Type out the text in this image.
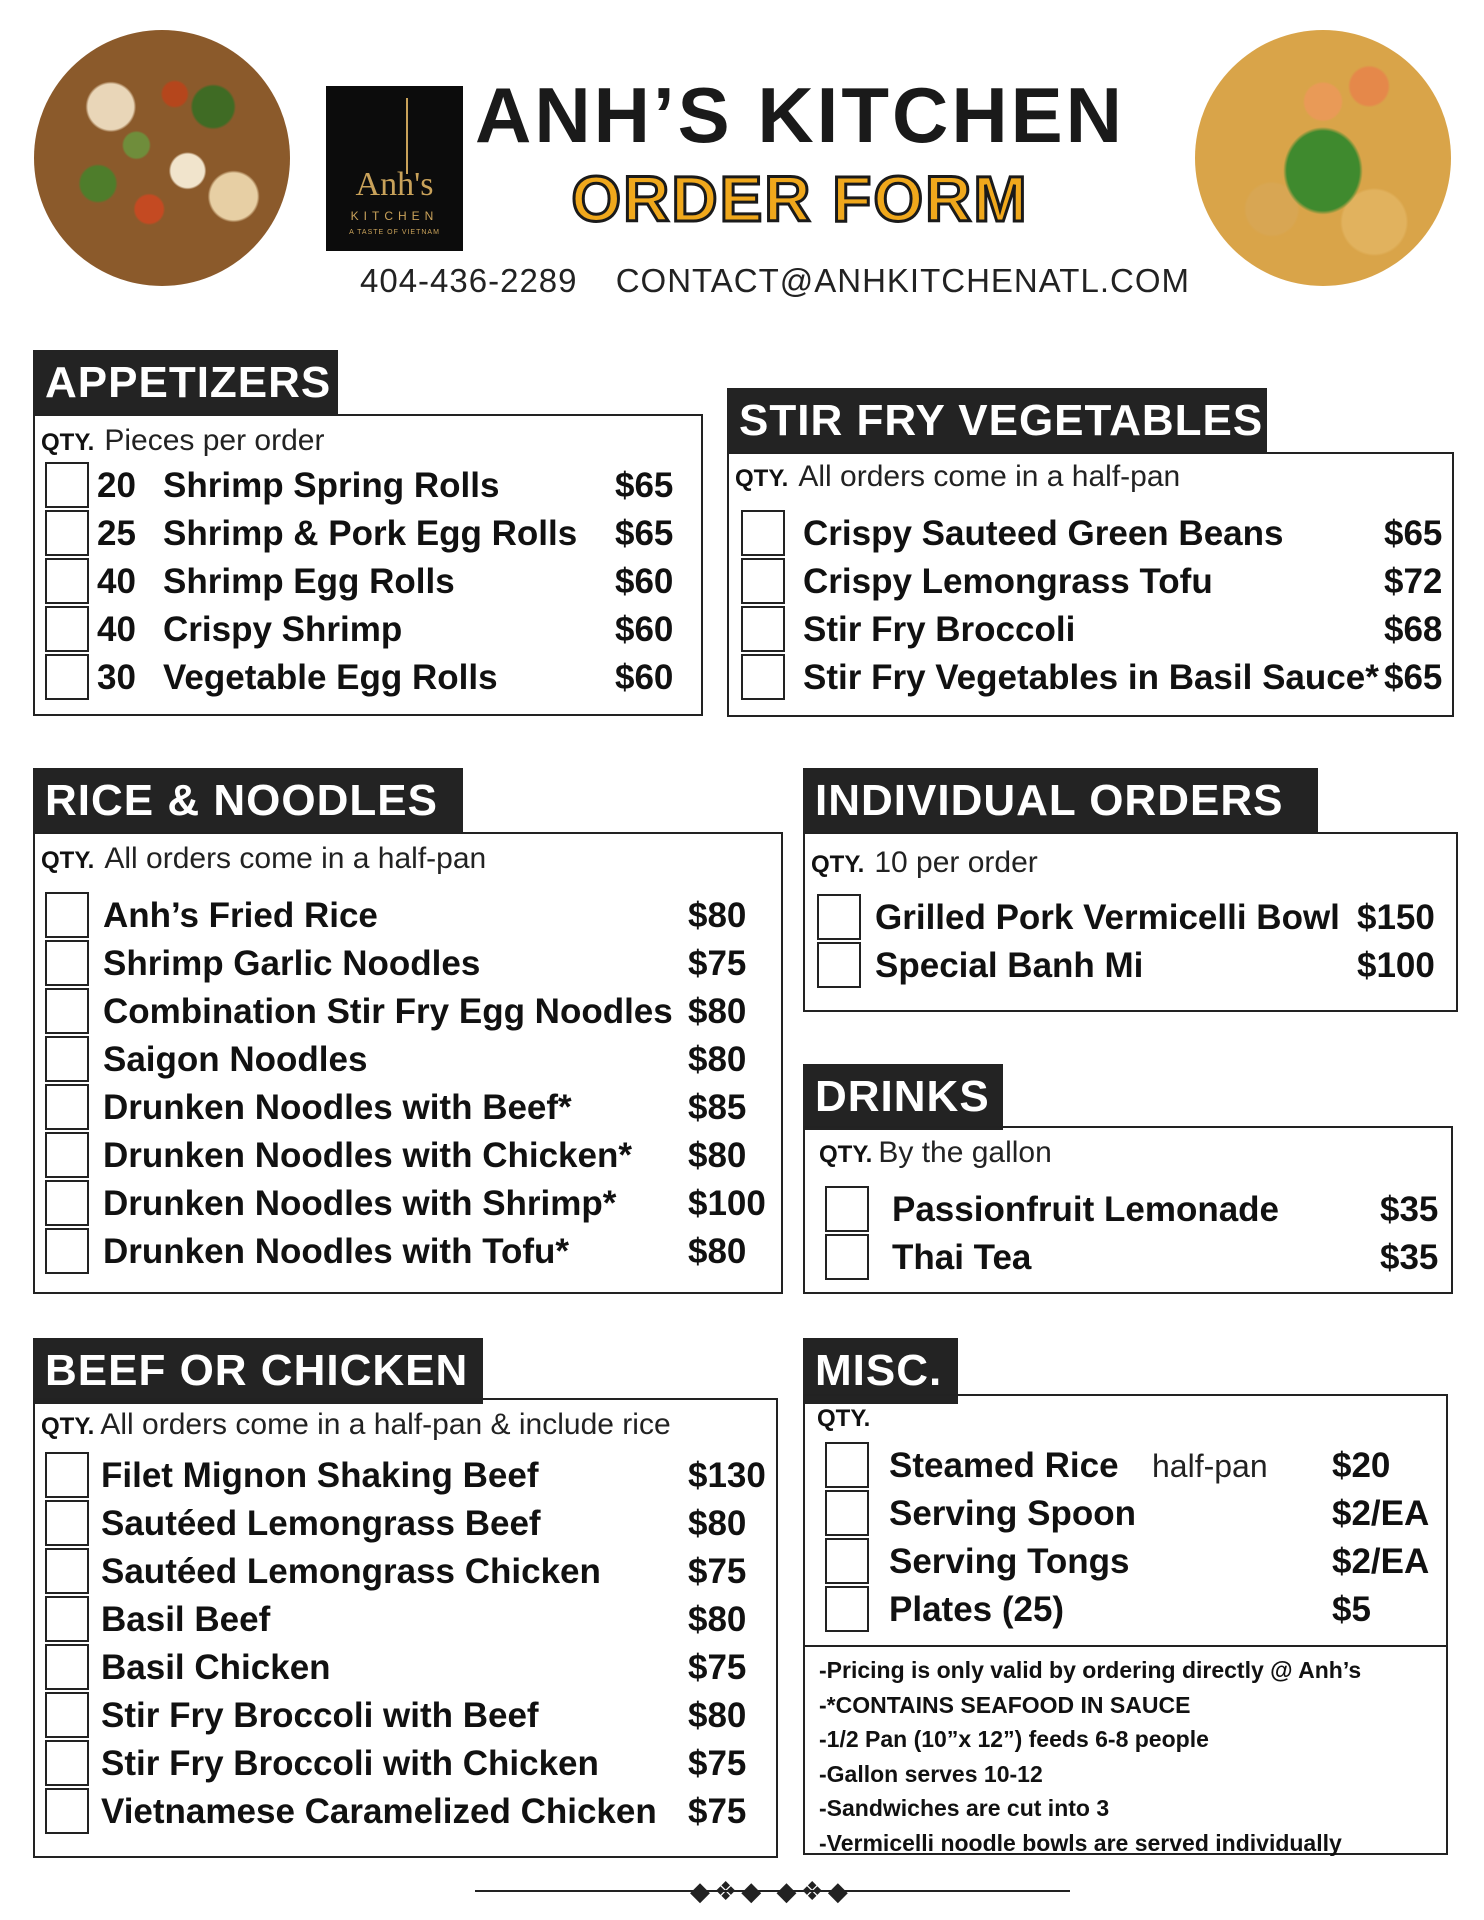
Anh's
KITCHEN
A TASTE OF VIETNAM
ANH’S KITCHEN
ORDER FORM
404-436-2289 CONTACT@ANHKITCHENATL.COM
APPETIZERS
QTY. Pieces per order
20 Shrimp Spring Rolls	$65
25 Shrimp & Pork Egg Rolls $65
40 Shrimp Egg Rolls	$60
40 Crispy Shrimp	$60
30 Vegetable Egg Rolls	$60
STIR FRY VEGETABLES
QTY. All orders come in a half-pan
Crispy Sauteed Green Beans	$65
Crispy Lemongrass Tofu	$72
Stir Fry Broccoli	$68
Stir Fry Vegetables in Basil Sauce* $65
RICE & NOODLES
QTY. All orders come in a half-pan
Anh’s Fried Rice	$80
Shrimp Garlic Noodles	$75
Combination Stir Fry Egg Noodles $80
Saigon Noodles	$80
Drunken Noodles with Beef*	$85
Drunken Noodles with Chicken* $80
Drunken Noodles with Shrimp* $100
Drunken Noodles with Tofu*	$80
INDIVIDUAL ORDERS
QTY. 10 per order
Grilled Pork Vermicelli Bowl $150
Special Banh Mi	$100
DRINKS
QTY. By the gallon
Passionfruit Lemonade	$35
Thai Tea	$35
BEEF OR CHICKEN
QTY. All orders come in a half-pan & include rice
Filet Mignon Shaking Beef	$130
Sautéed Lemongrass Beef	$80
Sautéed Lemongrass Chicken $75
Basil Beef	$80
Basil Chicken	$75
Stir Fry Broccoli with Beef	$80
Stir Fry Broccoli with Chicken	$75
Vietnamese Caramelized Chicken $75
MISC.
QTY.
Steamed Rice half-pan $20
Serving Spoon	$2/EA
Serving Tongs	$2/EA
Plates (25)	$5
-Pricing is only valid by ordering directly @ Anh’s
-*CONTAINS SEAFOOD IN SAUCE
-1/2 Pan (10”x 12”) feeds 6-8 people
-Gallon serves 10-12
-Sandwiches are cut into 3
-Vermicelli noodle bowls are served individually
◆❖◆ ◆❖◆
